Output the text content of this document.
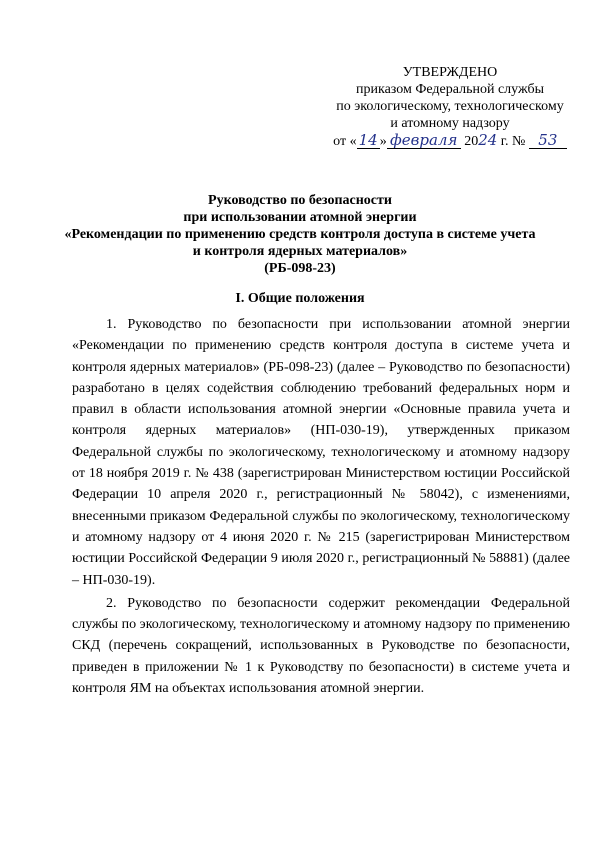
УТВЕРЖДЕНО
приказом Федеральной службы
по экологическому, технологическому
и атомному надзору
от « 14 » февраля 2024 г. № 53
Руководство по безопасности
при использовании атомной энергии
«Рекомендации по применению средств контроля доступа в системе учета
и контроля ядерных материалов»
(РБ-098-23)
I. Общие положения

1. Руководство по безопасности при использовании атомной энергии «Рекомендации по применению средств контроля доступа в системе учета и контроля ядерных материалов» (РБ-098-23) (далее – Руководство по безопасности) разработано в целях содействия соблюдению требований федеральных норм и правил в области использования атомной энергии «Основные правила учета и контроля ядерных материалов» (НП-030-19), утвержденных приказом Федеральной службы по экологическому, технологическому и атомному надзору от 18 ноября 2019 г. № 438 (зарегистрирован Министерством юстиции Российской Федерации 10 апреля 2020 г., регистрационный № 58042), с изменениями, внесенными приказом Федеральной службы по экологическому, технологическому и атомному надзору от 4 июня 2020 г. № 215 (зарегистрирован Министерством юстиции Российской Федерации 9 июля 2020 г., регистрационный № 58881) (далее – НП-030-19).

2. Руководство по безопасности содержит рекомендации Федеральной службы по экологическому, технологическому и атомному надзору по применению СКД (перечень сокращений, использованных в Руководстве по безопасности, приведен в приложении № 1 к Руководству по безопасности) в системе учета и контроля ЯМ на объектах использования атомной энергии.
